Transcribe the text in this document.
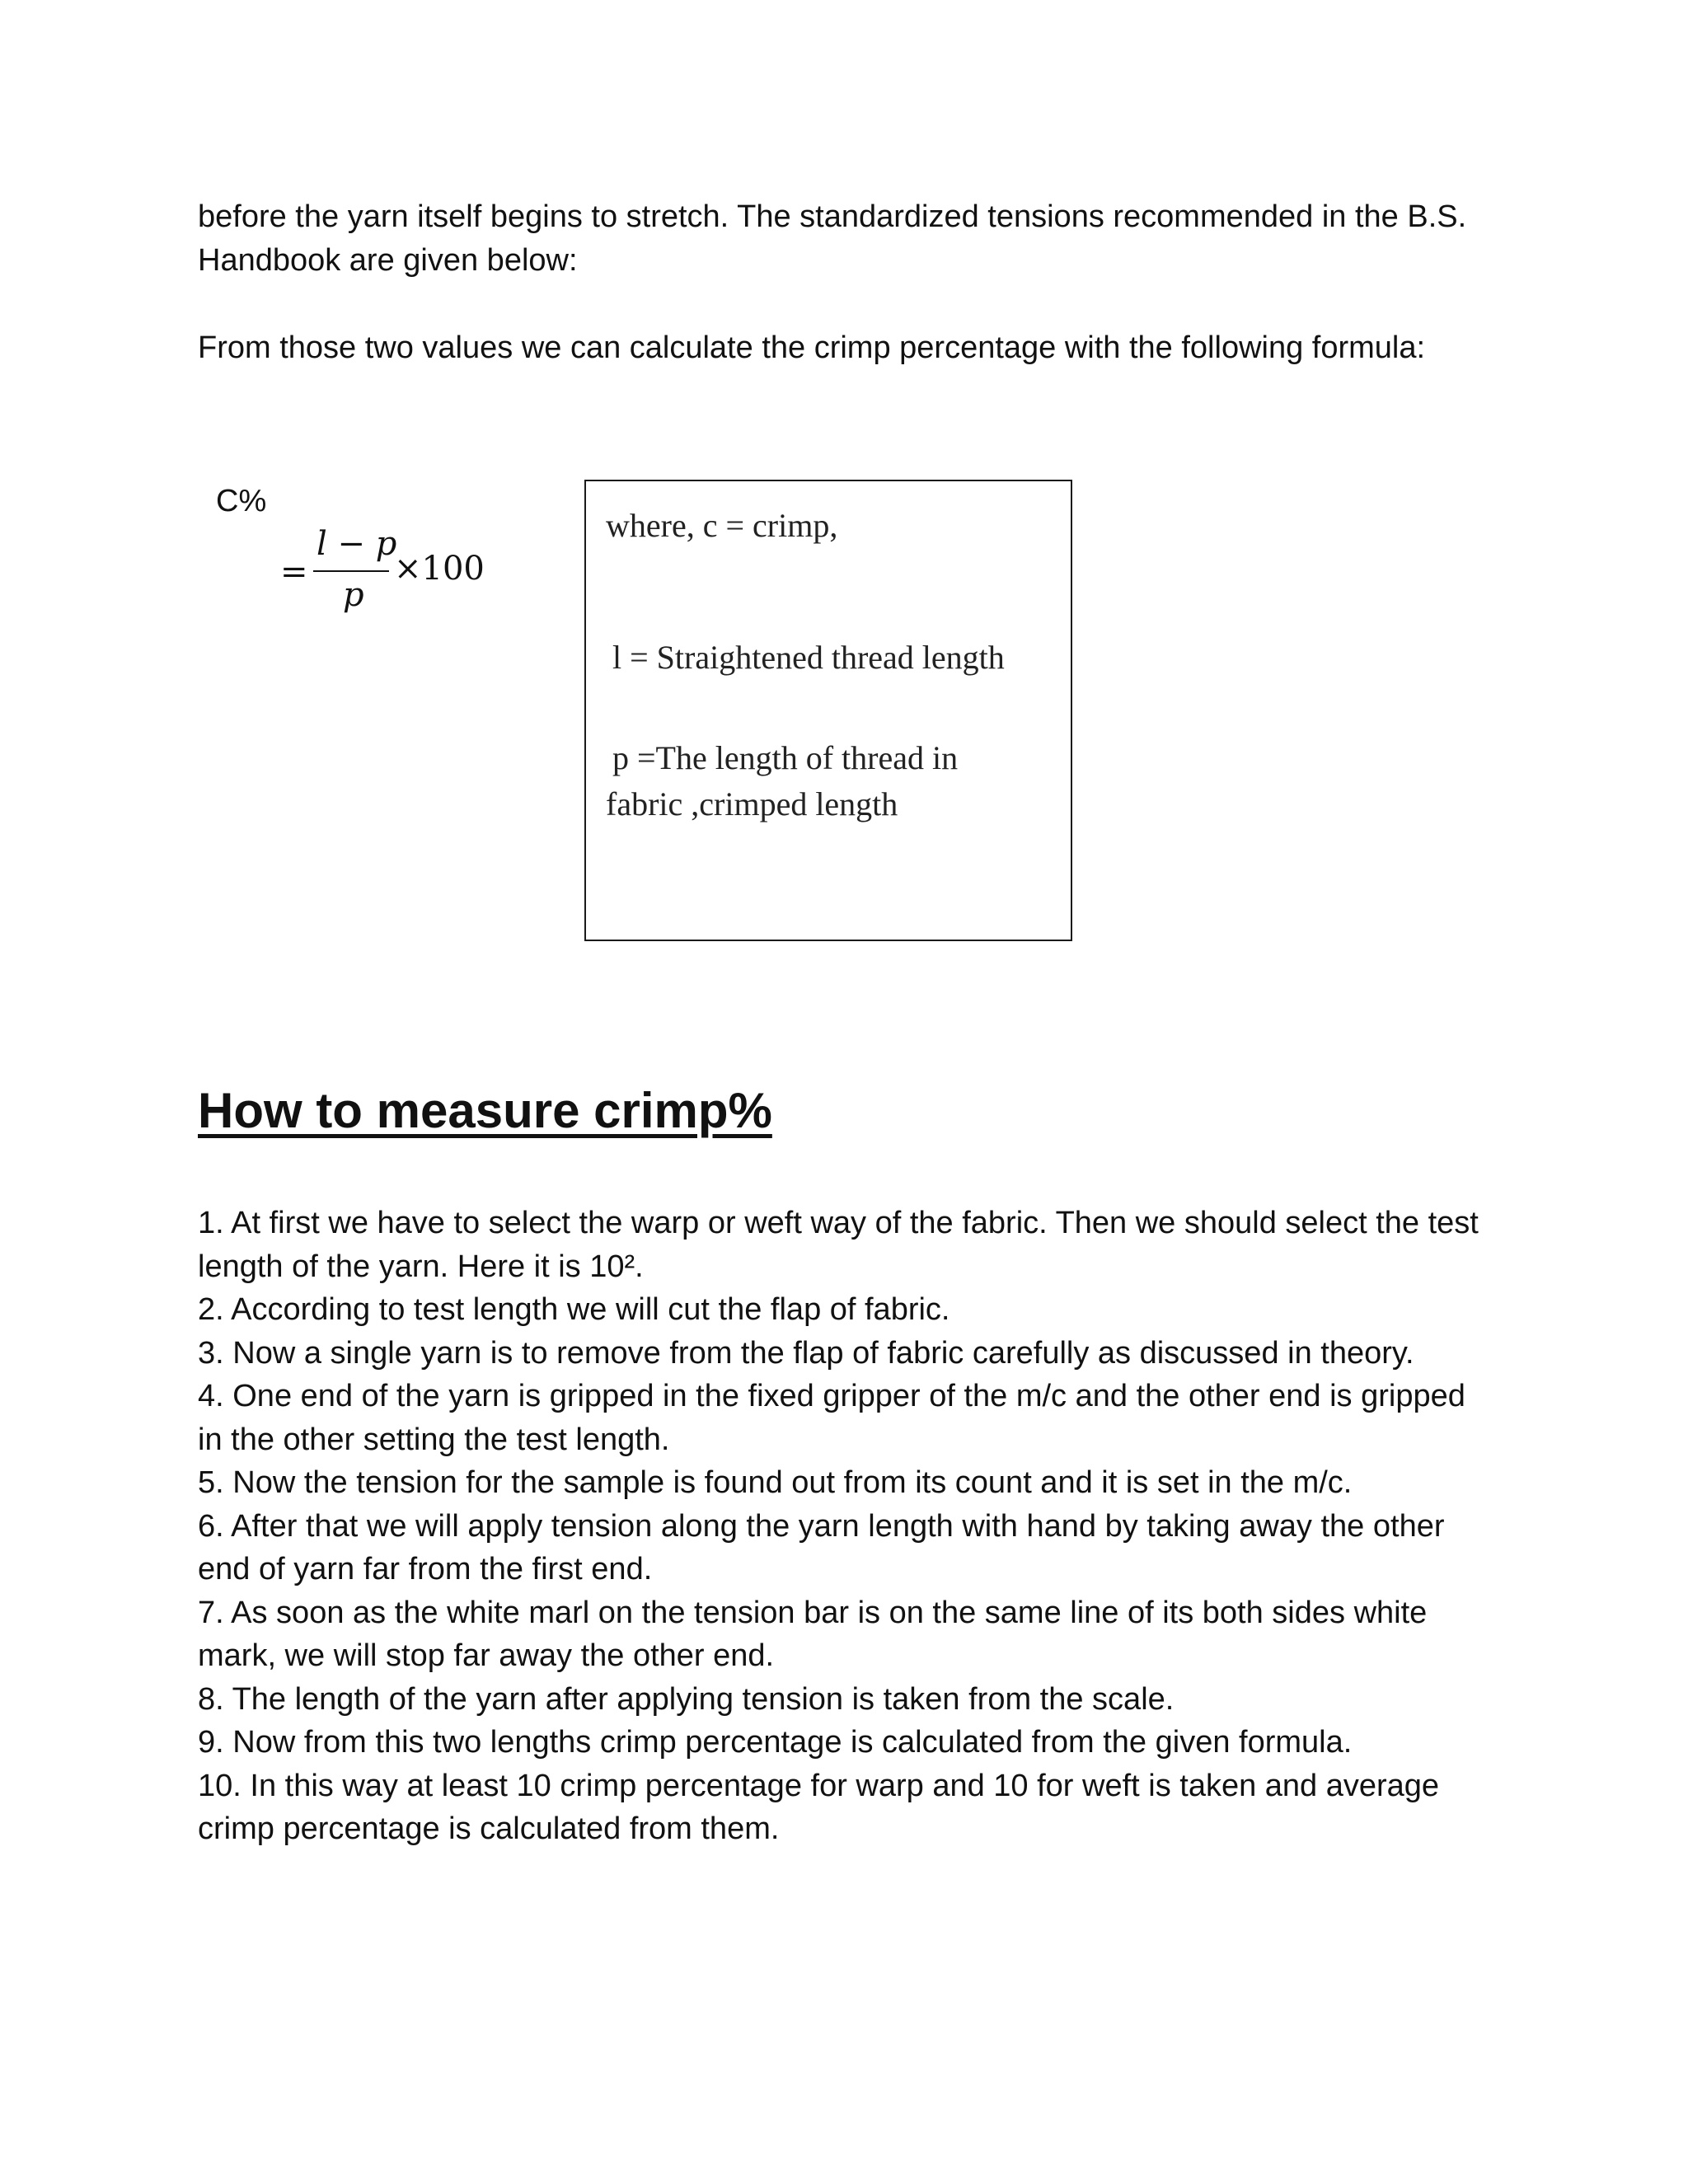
before the yarn itself begins to stretch. The standardized tensions recommended in the B.S. Handbook are given below:

From those two values we can calculate the crimp percentage with the following formula:

C%
=
l − p
p
×100

where, c = crimp,

l = Straightened thread length

p =The length of thread in

fabric ,crimped length

How to measure crimp%
1. At first we have to select the warp or weft way of the fabric. Then we should select the test length of the yarn. Here it is 10².
2. According to test length we will cut the flap of fabric.
3. Now a single yarn is to remove from the flap of fabric carefully as discussed in theory.
4. One end of the yarn is gripped in the fixed gripper of the m/c and the other end is gripped in the other setting the test length.
5. Now the tension for the sample is found out from its count and it is set in the m/c.
6. After that we will apply tension along the yarn length with hand by taking away the other end of yarn far from the first end.
7. As soon as the white marl on the tension bar is on the same line of its both sides white mark, we will stop far away the other end.
8. The length of the yarn after applying tension is taken from the scale.
9. Now from this two lengths crimp percentage is calculated from the given formula.
10. In this way at least 10 crimp percentage for warp and 10 for weft is taken and average crimp percentage is calculated from them.
